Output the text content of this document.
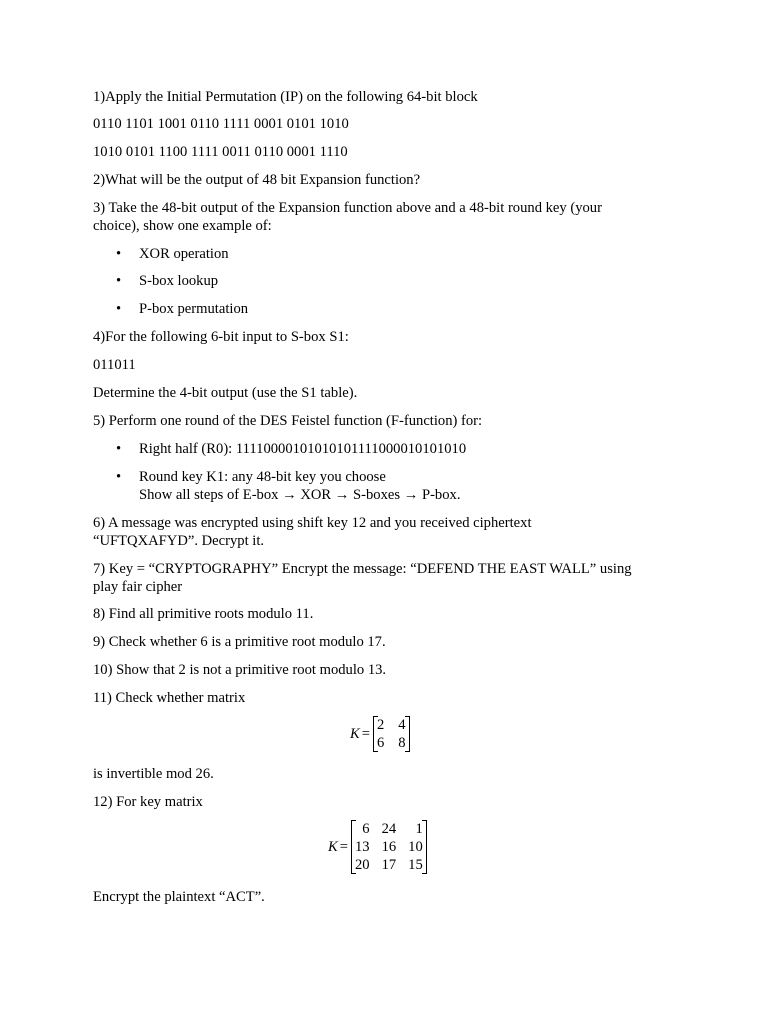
1)Apply the Initial Permutation (IP) on the following 64-bit block

0110 1101 1001 0110 1111 0001 0101 1010

1010 0101 1100 1111 0011 0110 0001 1110

2)What will be the output of 48 bit Expansion function?

3) Take the 48-bit output of the Expansion function above and a 48-bit round key (your

choice), show one example of:

• XOR operation

• S-box lookup

• P-box permutation

4)For the following 6-bit input to S-box S1:

011011

Determine the 4-bit output (use the S1 table).

5) Perform one round of the DES Feistel function (F-function) for:

• Right half (R0): 11110000101010101111000010101010

• Round key K1: any 48-bit key you choose

Show all steps of E-box → XOR → S-boxes → P-box.

6) A message was encrypted using shift key 12 and you received ciphertext

“UFTQXAFYD”. Decrypt it.

7) Key = “CRYPTOGRAPHY” Encrypt the message: “DEFEND THE EAST WALL” using

play fair cipher

8) Find all primitive roots modulo 11.

9) Check whether 6 is a primitive root modulo 17.

10) Show that 2 is not a primitive root modulo 13.

11) Check whether matrix

K =
2 4
6 8

is invertible mod 26.

12) For key matrix

K =
6 24	1
13 16 10
20 17 15

Encrypt the plaintext “ACT”.
